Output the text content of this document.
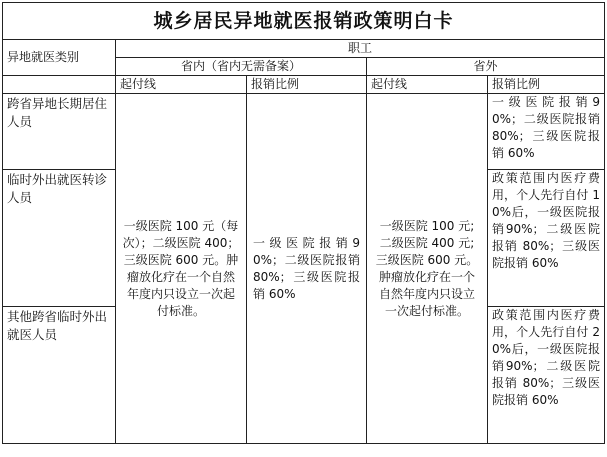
城乡居民异地就医报销政策明白卡				
异地就医类别	职工			
	省内（省内无需备案）		省外	
	起付线	报销比例	起付线	报销比例
跨省异地长期居住人员	一级医院 100 元（每次）；二级医院 400；三级医院 600 元。肿瘤放化疗在一个自然年度内只设立一次起付标准。	一级医院报销90%；二级医院报销 80%；三级医院报销 60%	一级医院 100 元;二级医院 400 元;三级医院 600 元。肿瘤放化疗在一个自然年度内只设立一次起付标准。	一级医院报销90%；二级医院报销 80%；三级医院报销 60%
临时外出就医转诊人员				政策范围内医疗费用，个人先行自付 10%后，一级医院报销90%；二级医院报销 80%；三级医院报销 60%
其他跨省临时外出就医人员				政策范围内医疗费用，个人先行自付 20%后，一级医院报销90%；二级医院报销 80%；三级医院报销 60%
